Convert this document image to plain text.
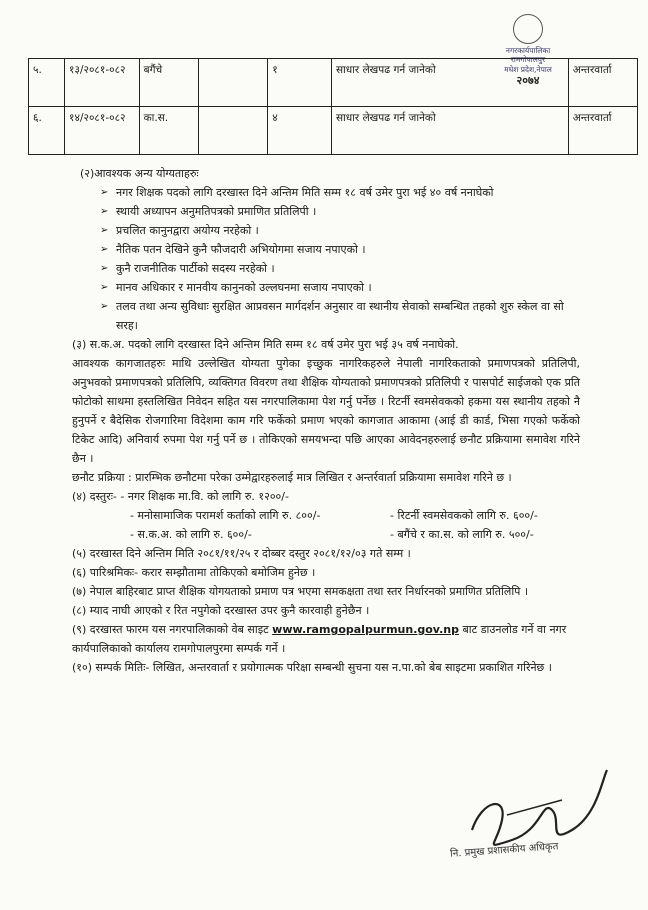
नगरकार्यपालिका
रामगोपालपुर
मधेश प्रदेश,नेपाल
२०७४
५.	१३/२०८१-०८२	बगैंचे		१	साधार लेखपढ गर्न जानेको	अन्तरवार्ता
६.	१४/२०८१-०८२	का.स.		४	साधार लेखपढ गर्न जानेको	अन्तरवार्ता

(२)आवश्यक अन्य योग्यताहरुः

➢ नगर शिक्षक पदको लागि दरखास्त दिने अन्तिम मिति सम्म १८ वर्ष उमेर पुरा भई ४० वर्ष ननाघेको
➢ स्थायी अध्यापन अनुमतिपत्रको प्रमाणित प्रतिलिपी ।
➢ प्रचलित कानुनद्वारा अयोग्य नरहेको ।
➢ नैतिक पतन देखिने कुनै फौजदारी अभियोगमा सजाय नपाएको ।
➢ कुनै राजनीतिक पार्टीको सदस्य नरहेको ।
➢ मानव अधिकार र मानवीय कानुनको उल्लघनमा सजाय नपाएको ।
➢ तलव तथा अन्य सुविधाः सुरक्षित आप्रवसन मार्गदर्शन अनुसार वा स्थानीय सेवाको सम्बन्धित तहको शुरु स्केल वा सो सरह।

(३) स.क.अ. पदको लागि दरखास्त दिने अन्तिम मिति सम्म १८ वर्ष उमेर पुरा भई ३५ वर्ष ननाघेको.

आवश्यक कागजातहरुः माथि उल्लेखित योग्यता पुगेका इच्छुक नागरिकहरुले नेपाली नागरिकताको प्रमाणपत्रको प्रतिलिपी, अनुभवको प्रमाणपत्रको प्रतिलिपि, व्यक्तिगत विवरण तथा शैक्षिक योग्यताको प्रमाणपत्रको प्रतिलिपी र पासपोर्ट साईजको एक प्रति फोटोको साथमा हस्तलिखित निवेदन सहित यस नगरपालिकामा पेश गर्नु पर्नेछ । रिटर्नी स्वमसेवकको हकमा यस स्थानीय तहको नै हुनुपर्ने र बैदेसिक रोजगारिमा विदेशमा काम गरि फर्केको प्रमाण भएको कागजात आकामा (आई डी कार्ड, भिसा गएको फर्केको टिकेट आदि) अनिवार्य रुपमा पेश गर्नु पर्ने छ । तोकिएको समयभन्दा पछि आएका आवेदनहरुलाई छनौट प्रक्रियामा समावेश गरिने छैन ।

छनौट प्रक्रिया : प्रारम्भिक छनौटमा परेका उम्मेद्वारहरुलाई मात्र लिखित र अन्तर्रवार्ता प्रक्रियामा समावेश गरिने छ ।

(४) दस्तुरः- - नगर शिक्षक मा.वि. को लागि रु. १२००/-

- मनोसामाजिक परामर्श कर्ताको लागि रु. ८००/-	- रिटर्नी स्वमसेवकको लागि रु. ६००/-
- स.क.अ. को लागि रु. ६००/-	- बगैंचे र का.स. को लागि रु. ५००/-

(५) दरखास्त दिने अन्तिम मिति २०८१/११/२५ र दोब्बर दस्तुर २०८१/१२/०३ गते सम्म ।

(६) पारिश्रमिकः- करार सम्झौतामा तोकिएको बमोजिम हुनेछ ।

(७) नेपाल बाहिरबाट प्राप्त शैक्षिक योगयताको प्रमाण पत्र भएमा समकक्षता तथा स्तर निर्धारनको प्रमाणित प्रतिलिपि ।

(८) म्याद नाघी आएको र रित नपुगेको दरखास्त उपर कुनै कारवाही हुनेछैन ।

(९) दरखास्त फारम यस नगरपालिकाको वेब साइट www.ramgopalpurmun.gov.np बाट डाउनलोड गर्ने वा नगर कार्यपालिकाको कार्यालय रामगोपालपुरमा सम्पर्क गर्ने ।

(१०) सम्पर्क मितिः- लिखित, अन्तरवार्ता र प्रयोगात्मक परिक्षा सम्बन्धी सुचना यस न.पा.को बेब साइटमा प्रकाशित गरिनेछ ।

नि. प्रमुख प्रशासकीय अधिकृत
